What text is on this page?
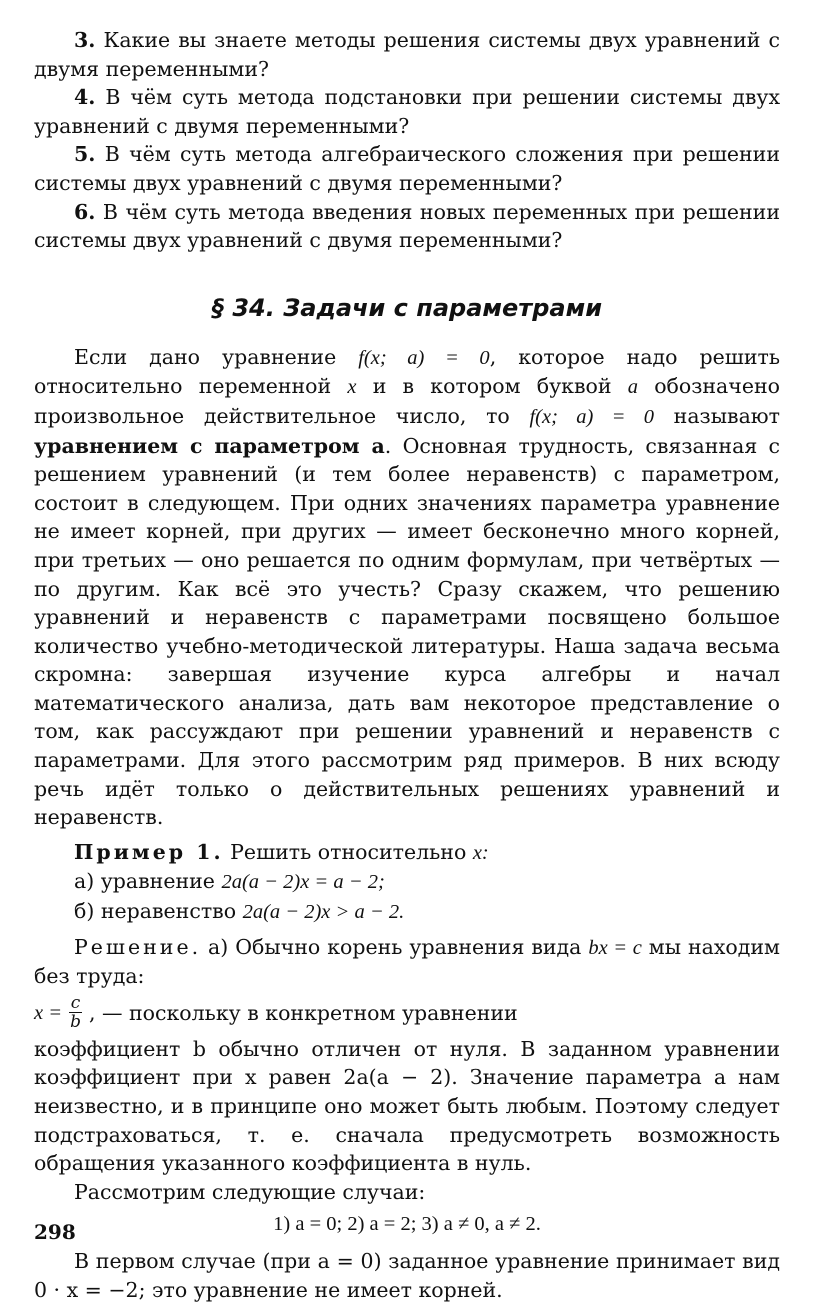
3. Какие вы знаете методы решения системы двух уравнений с двумя переменными?

4. В чём суть метода подстановки при решении системы двух уравнений с двумя переменными?

5. В чём суть метода алгебраического сложения при решении системы двух уравнений с двумя переменными?

6. В чём суть метода введения новых переменных при решении системы двух уравнений с двумя переменными?

§ 34. Задачи с параметрами

Если дано уравнение f(x; a) = 0, которое надо решить относительно переменной x и в котором буквой a обозначено произвольное действительное число, то f(x; a) = 0 называют уравнением с параметром a. Основная трудность, связанная с решением уравнений (и тем более неравенств) с параметром, состоит в следующем. При одних значениях параметра уравнение не имеет корней, при других — имеет бесконечно много корней, при третьих — оно решается по одним формулам, при четвёртых — по другим. Как всё это учесть? Сразу скажем, что решению уравнений и неравенств с параметрами посвящено большое количество учебно-методической литературы. Наша задача весьма скромна: завершая изучение курса алгебры и начал математического анализа, дать вам некоторое представление о том, как рассуждают при решении уравнений и неравенств с параметрами. Для этого рассмотрим ряд примеров. В них всюду речь идёт только о действительных решениях уравнений и неравенств.

Пример 1. Решить относительно x:

а) уравнение 2a(a − 2)x = a − 2;

б) неравенство 2a(a − 2)x > a − 2.

Решение. а) Обычно корень уравнения вида bx = c мы находим без труда:

$x = \frac{c}{b}$ , — поскольку в конкретном уравнении

коэффициент b обычно отличен от нуля. В заданном уравнении коэффициент при x равен 2a(a − 2). Значение параметра a нам неизвестно, и в принципе оно может быть любым. Поэтому следует подстраховаться, т. е. сначала предусмотреть возможность обращения указанного коэффициента в нуль.

Рассмотрим следующие случаи:

1) a = 0; 2) a = 2; 3) a ≠ 0, a ≠ 2.

В первом случае (при a = 0) заданное уравнение принимает вид 0 · x = −2; это уравнение не имеет корней.

298
